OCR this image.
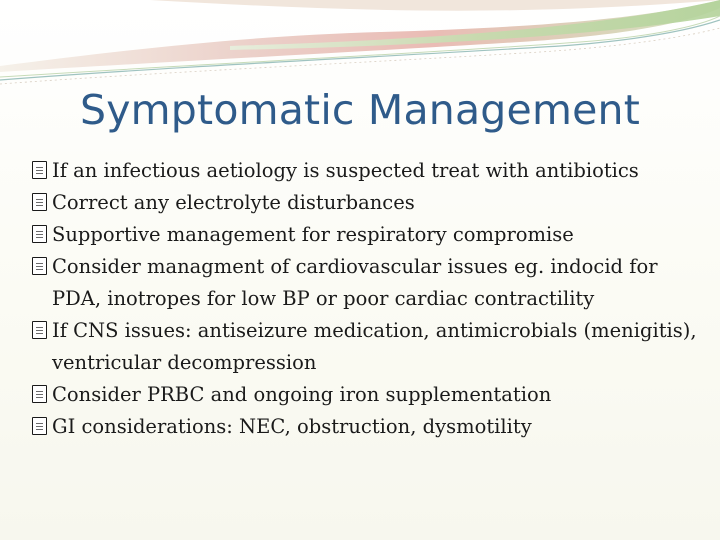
Symptomatic Management
If an infectious aetiology is suspected treat with antibiotics
Correct any electrolyte disturbances
Supportive management for respiratory compromise
Consider managment of cardiovascular issues eg. indocid for PDA, inotropes for low BP or poor cardiac contractility
If CNS issues: antiseizure medication, antimicrobials (menigitis), ventricular decompression
Consider PRBC and ongoing iron supplementation
GI considerations: NEC, obstruction, dysmotility
